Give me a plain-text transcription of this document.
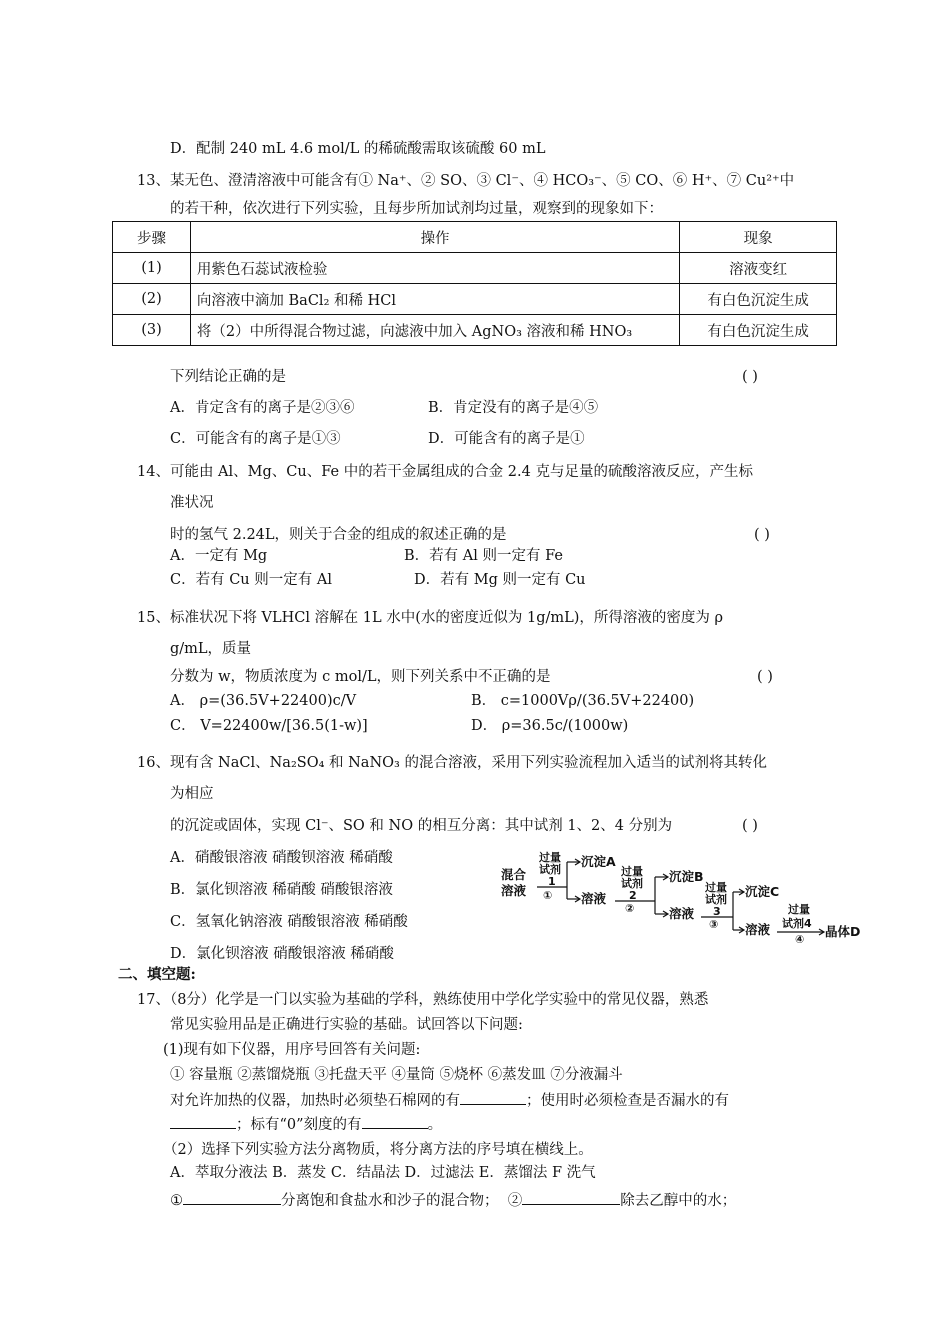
D．配制 240 mL 4.6 mol/L 的稀硫酸需取该硫酸 60 mL
13、某无色、澄清溶液中可能含有① Na⁺、② SO、③ Cl⁻、④ HCO₃⁻、⑤ CO、⑥ H⁺、⑦ Cu²⁺中
的若干种，依次进行下列实验，且每步所加试剂均过量，观察到的现象如下：
步骤	操作	现象
(1)	用紫色石蕊试液检验	溶液变红
(2)	向溶液中滴加 BaCl₂ 和稀 HCl	有白色沉淀生成
(3)	将（2）中所得混合物过滤，向滤液中加入 AgNO₃ 溶液和稀 HNO₃	有白色沉淀生成
下列结论正确的是	( )
A．肯定含有的离子是②③⑥	B．肯定没有的离子是④⑤
C．可能含有的离子是①③	D．可能含有的离子是①
14、可能由 Al、Mg、Cu、Fe 中的若干金属组成的合金 2.4 克与足量的硫酸溶液反应，产生标
准状况
时的氢气 2.24L，则关于合金的组成的叙述正确的是	( )
A．一定有 Mg	B．若有 Al 则一定有 Fe
C．若有 Cu 则一定有 Al	D．若有 Mg 则一定有 Cu
15、标准状况下将 VLHCl 溶解在 1L 水中(水的密度近似为 1g/mL)，所得溶液的密度为 ρ
g/mL，质量
分数为 w，物质浓度为 c mol/L，则下列关系中不正确的是	( )
A． ρ=(36.5V+22400)c/V	B． c=1000Vρ/(36.5V+22400)
C． V=22400w/[36.5(1-w)]	D． ρ=36.5c/(1000w)
16、现有含 NaCl、Na₂SO₄ 和 NaNO₃ 的混合溶液，采用下列实验流程加入适当的试剂将其转化
为相应
的沉淀或固体，实现 Cl⁻、SO 和 NO 的相互分离：其中试剂 1、2、4 分别为	( )
A．硝酸银溶液 硝酸钡溶液 稀硝酸
B．氯化钡溶液 稀硝酸 硝酸银溶液
C．氢氧化钠溶液 硝酸银溶液 稀硝酸
D．氯化钡溶液 硝酸银溶液 稀硝酸
混合
溶液
过量
试剂
1
①
沉淀A
溶液
过量
试剂
2
②
沉淀B
溶液
过量
试剂
3
③
沉淀C
溶液
过量
试剂4
④
晶体D
二、填空题:
17、（8分）化学是一门以实验为基础的学科，熟练使用中学化学实验中的常见仪器，熟悉
常见实验用品是正确进行实验的基础。试回答以下问题:
(1)现有如下仪器，用序号回答有关问题:
① 容量瓶 ②蒸馏烧瓶 ③托盘天平 ④量筒 ⑤烧杯 ⑥蒸发皿 ⑦分液漏斗
对允许加热的仪器，加热时必须垫石棉网的有	；使用时必须检查是否漏水的有
；标有“0”刻度的有	。
（2）选择下列实验方法分离物质，将分离方法的序号填在横线上。
A．萃取分液法 B．蒸发 C．结晶法 D．过滤法 E．蒸馏法 F 洗气
①	分离饱和食盐水和沙子的混合物； ②	除去乙醇中的水；
